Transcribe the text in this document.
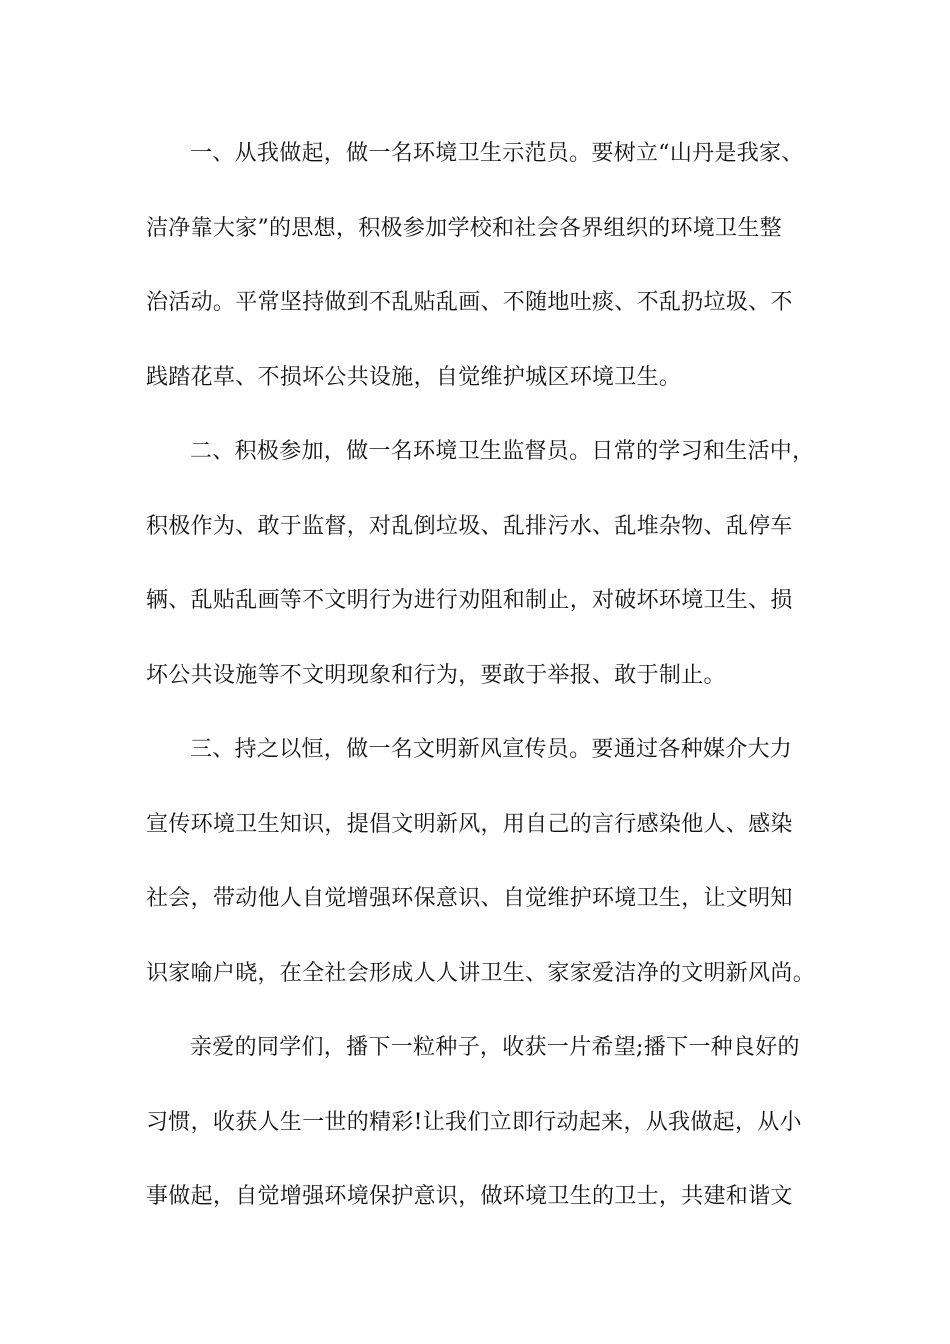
一、从我做起，做一名环境卫生示范员。要树立“山丹是我家、
洁净靠大家”的思想，积极参加学校和社会各界组织的环境卫生整
治活动。平常坚持做到不乱贴乱画、不随地吐痰、不乱扔垃圾、不
践踏花草、不损坏公共设施，自觉维护城区环境卫生。
二、积极参加，做一名环境卫生监督员。日常的学习和生活中，
积极作为、敢于监督，对乱倒垃圾、乱排污水、乱堆杂物、乱停车
辆、乱贴乱画等不文明行为进行劝阻和制止，对破坏环境卫生、损
坏公共设施等不文明现象和行为，要敢于举报、敢于制止。
三、持之以恒，做一名文明新风宣传员。要通过各种媒介大力
宣传环境卫生知识，提倡文明新风，用自己的言行感染他人、感染
社会，带动他人自觉增强环保意识、自觉维护环境卫生，让文明知
识家喻户晓，在全社会形成人人讲卫生、家家爱洁净的文明新风尚。
亲爱的同学们，播下一粒种子，收获一片希望;播下一种良好的
习惯，收获人生一世的精彩!让我们立即行动起来，从我做起，从小
事做起，自觉增强环境保护意识，做环境卫生的卫士，共建和谐文
